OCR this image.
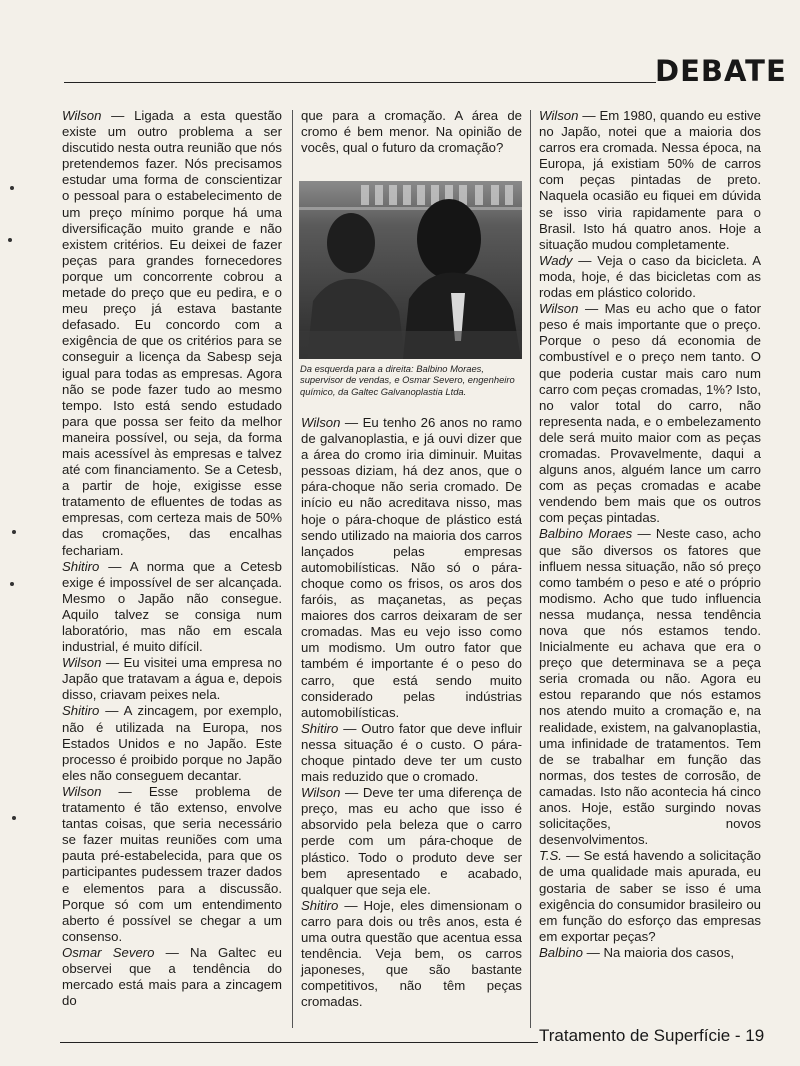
DEBATE

Wilson — Ligada a esta questão existe um outro problema a ser discutido nesta outra reunião que nós pretendemos fazer. Nós precisamos estudar uma forma de conscientizar o pessoal para o estabelecimento de um preço mínimo porque há uma diversificação muito grande e não existem critérios. Eu deixei de fazer peças para grandes fornecedores porque um concorrente cobrou a metade do preço que eu pedira, e o meu preço já estava bastante defasado. Eu concordo com a exigência de que os critérios para se conseguir a licença da Sabesp seja igual para todas as empresas. Agora não se pode fazer tudo ao mesmo tempo. Isto está sendo estudado para que possa ser feito da melhor maneira possível, ou seja, da forma mais acessível às empresas e talvez até com financiamento. Se a Cetesb, a partir de hoje, exigisse esse tratamento de efluentes de todas as empresas, com certeza mais de 50% das cromações, das encalhas fechariam.

Shitiro — A norma que a Cetesb exige é impossível de ser alcançada. Mesmo o Japão não consegue. Aquilo talvez se consiga num laboratório, mas não em escala industrial, é muito difícil.

Wilson — Eu visitei uma empresa no Japão que tratavam a água e, depois disso, criavam peixes nela.

Shitiro — A zincagem, por exemplo, não é utilizada na Europa, nos Estados Unidos e no Japão. Este processo é proibido porque no Japão eles não conseguem decantar.

Wilson — Esse problema de tratamento é tão extenso, envolve tantas coisas, que seria necessário se fazer muitas reuniões com uma pauta pré-estabelecida, para que os participantes pudessem trazer dados e elementos para a discussão. Porque só com um entendimento aberto é possível se chegar a um consenso.

Osmar Severo — Na Galtec eu observei que a tendência do mercado está mais para a zincagem do

que para a cromação. A área de cromo é bem menor. Na opinião de vocês, qual o futuro da cromação?

Da esquerda para a direita: Balbino Moraes, supervisor de vendas, e Osmar Severo, engenheiro químico, da Galtec Galvanoplastia Ltda.

Wilson — Eu tenho 26 anos no ramo de galvanoplastia, e já ouvi dizer que a área do cromo iria diminuir. Muitas pessoas diziam, há dez anos, que o pára-choque não seria cromado. De início eu não acreditava nisso, mas hoje o pára-choque de plástico está sendo utilizado na maioria dos carros lançados pelas empresas automobilísticas. Não só o pára-choque como os frisos, os aros dos faróis, as maçanetas, as peças maiores dos carros deixaram de ser cromadas. Mas eu vejo isso como um modismo. Um outro fator que também é importante é o peso do carro, que está sendo muito considerado pelas indústrias automobilísticas.

Shitiro — Outro fator que deve influir nessa situação é o custo. O pára-choque pintado deve ter um custo mais reduzido que o cromado.

Wilson — Deve ter uma diferença de preço, mas eu acho que isso é absorvido pela beleza que o carro perde com um pára-choque de plástico. Todo o produto deve ser bem apresentado e acabado, qualquer que seja ele.

Shitiro — Hoje, eles dimensionam o carro para dois ou três anos, esta é uma outra questão que acentua essa tendência. Veja bem, os carros japoneses, que são bastante competitivos, não têm peças cromadas.

Wilson — Em 1980, quando eu estive no Japão, notei que a maioria dos carros era cromada. Nessa época, na Europa, já existiam 50% de carros com peças pintadas de preto. Naquela ocasião eu fiquei em dúvida se isso viria rapidamente para o Brasil. Isto há quatro anos. Hoje a situação mudou completamente.

Wady — Veja o caso da bicicleta. A moda, hoje, é das bicicletas com as rodas em plástico colorido.

Wilson — Mas eu acho que o fator peso é mais importante que o preço. Porque o peso dá economia de combustível e o preço nem tanto. O que poderia custar mais caro num carro com peças cromadas, 1%? Isto, no valor total do carro, não representa nada, e o embelezamento dele será muito maior com as peças cromadas. Provavelmente, daqui a alguns anos, alguém lance um carro com as peças cromadas e acabe vendendo bem mais que os outros com peças pintadas.

Balbino Moraes — Neste caso, acho que são diversos os fatores que influem nessa situação, não só preço como também o peso e até o próprio modismo. Acho que tudo influencia nessa mudança, nessa tendência nova que nós estamos tendo. Inicialmente eu achava que era o preço que determinava se a peça seria cromada ou não. Agora eu estou reparando que nós estamos nos atendo muito a cromação e, na realidade, existem, na galvanoplastia, uma infinidade de tratamentos. Tem de se trabalhar em função das normas, dos testes de corrosão, de camadas. Isto não acontecia há cinco anos. Hoje, estão surgindo novas solicitações, novos desenvolvimentos.

T.S. — Se está havendo a solicitação de uma qualidade mais apurada, eu gostaria de saber se isso é uma exigência do consumidor brasileiro ou em função do esforço das empresas em exportar peças?

Balbino — Na maioria dos casos,

Tratamento de Superfície - 19
